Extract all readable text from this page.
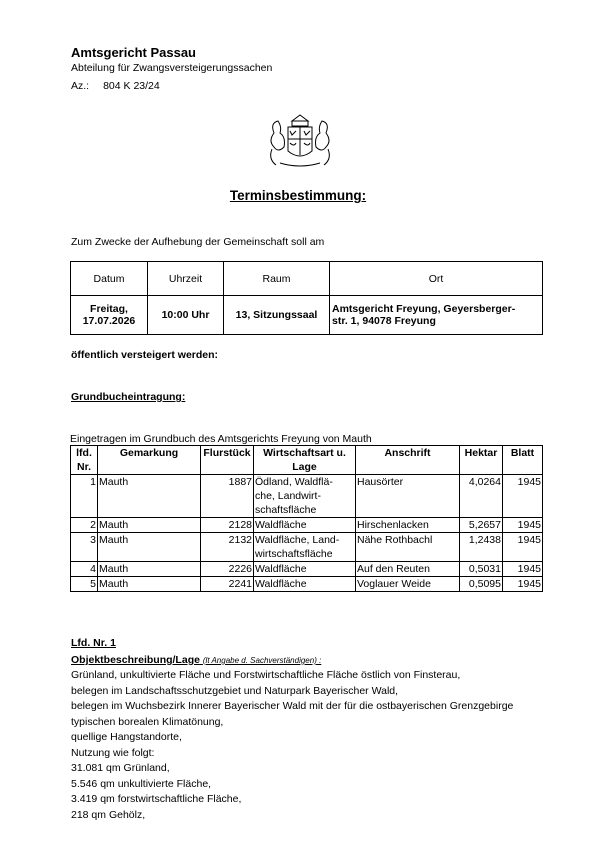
Amtsgericht Passau
Abteilung für Zwangsversteigerungssachen
Az.: 804 K 23/24
Terminsbestimmung:
Zum Zwecke der Aufhebung der Gemeinschaft soll am
Datum	Uhrzeit	Raum	Ort
Freitag,
17.07.2026	10:00 Uhr	13, Sitzungssaal	Amtsgericht Freyung, Geyersberger-
str. 1, 94078 Freyung
öffentlich versteigert werden:
Grundbucheintragung:
Eingetragen im Grundbuch des Amtsgerichts Freyung von Mauth
lfd. Nr.	Gemarkung	Flurstück	Wirtschaftsart u. Lage	Anschrift	Hektar	Blatt
1	Mauth	1887	Ödland, Waldflä-
che, Landwirt-
schaftsfläche	Hausörter	4,0264	1945
2	Mauth	2128	Waldfläche	Hirschenlacken	5,2657	1945
3	Mauth	2132	Waldfläche, Land-
wirtschaftsfläche	Nähe Rothbachl	1,2438	1945
4	Mauth	2226	Waldfläche	Auf den Reuten	0,5031	1945
5	Mauth	2241	Waldfläche	Voglauer Weide	0,5095	1945
Lfd. Nr. 1
Objektbeschreibung/Lage (lt Angabe d. Sachverständigen) :
Grünland, unkultivierte Fläche und Forstwirtschaftliche Fläche östlich von Finsterau,
belegen im Landschaftsschutzgebiet und Naturpark Bayerischer Wald,
belegen im Wuchsbezirk Innerer Bayerischer Wald mit der für die ostbayerischen Grenzgebirge
typischen borealen Klimatönung,
quellige Hangstandorte,
Nutzung wie folgt:
31.081 qm Grünland,
5.546 qm unkultivierte Fläche,
3.419 qm forstwirtschaftliche Fläche,
218 qm Gehölz,
